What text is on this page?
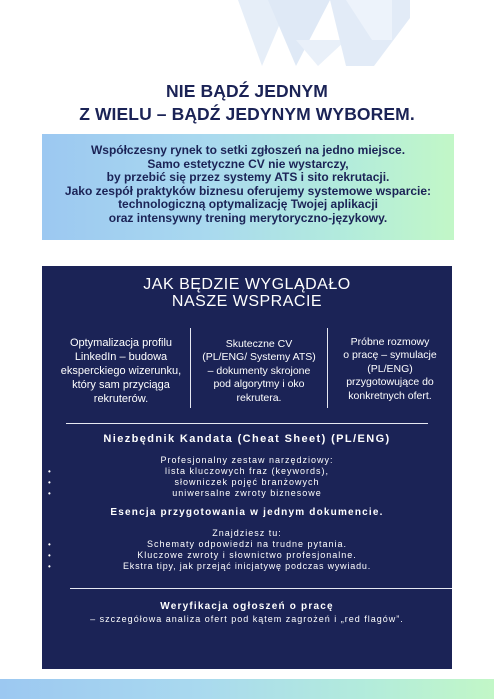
NIE BĄDŹ JEDNYM
Z WIELU – BĄDŹ JEDYNYM WYBOREM.
Współczesny rynek to setki zgłoszeń na jedno miejsce.
Samo estetyczne CV nie wystarczy,
by przebić się przez systemy ATS i sito rekrutacji.
Jako zespół praktyków biznesu oferujemy systemowe wsparcie:
technologiczną optymalizację Twojej aplikacji
oraz intensywny trening merytoryczno-językowy.
JAK BĘDZIE WYGLĄDAŁO
NASZE WSPRACIE
Optymalizacja profilu
LinkedIn – budowa
eksperckiego wizerunku,
który sam przyciąga
rekruterów.
Skuteczne CV
(PL/ENG/ Systemy ATS)
– dokumenty skrojone
pod algorytmy i oko
rekrutera.
Próbne rozmowy
o pracę – symulacje
(PL/ENG)
przygotowujące do
konkretnych ofert.
Niezbędnik Kandata (Cheat Sheet) (PL/ENG)
Profesjonalny zestaw narzędziowy:
lista kluczowych fraz (keywords),
słowniczek pojęć branżowych
uniwersalne zwroty biznesowe
•
•
•
Esencja przygotowania w jednym dokumencie.
Znajdziesz tu:
Schematy odpowiedzi na trudne pytania.
Kluczowe zwroty i słownictwo profesjonalne.
Ekstra tipy, jak przejąć inicjatywę podczas wywiadu.
•
•
•
Weryfikacja ogłoszeń o pracę
– szczegółowa analiza ofert pod kątem zagrożeń i „red flagów”.
